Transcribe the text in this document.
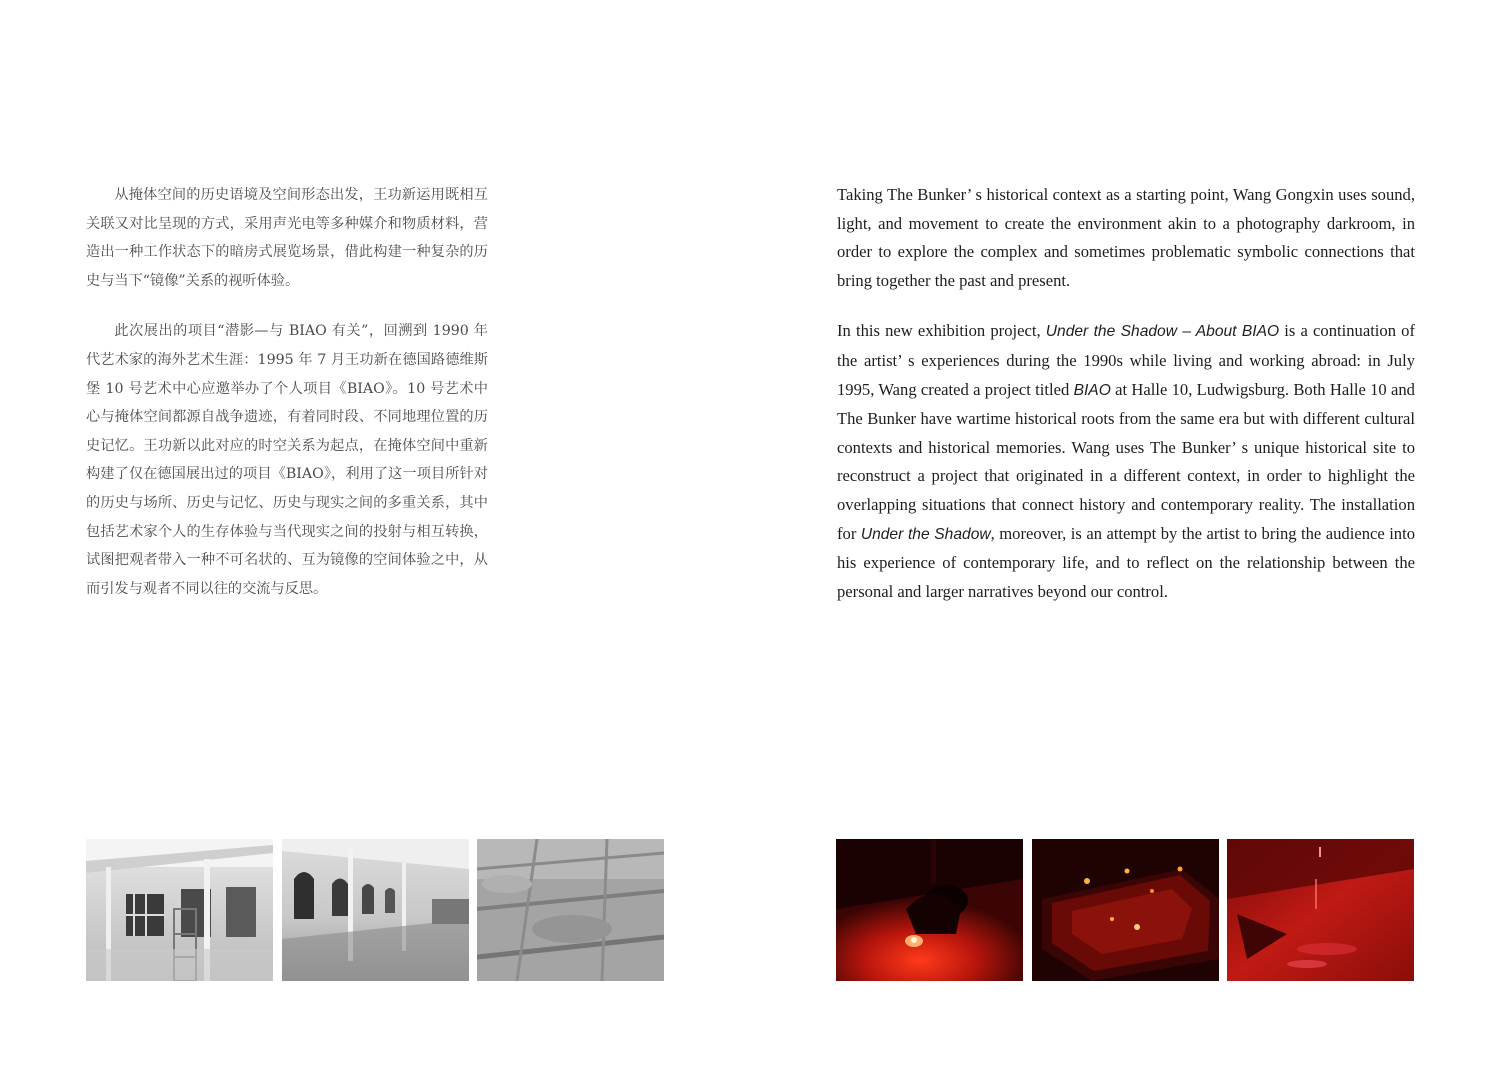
从掩体空间的历史语境及空间形态出发，王功新运用既相互关联又对比呈现的方式，采用声光电等多种媒介和物质材料，营造出一种工作状态下的暗房式展览场景，借此构建一种复杂的历史与当下“镜像”关系的视听体验。

此次展出的项目“潜影—与 BIAO 有关”，回溯到 1990 年代艺术家的海外艺术生涯：1995 年 7 月王功新在德国路德维斯堡 10 号艺术中心应邀举办了个人项目《BIAO》。10 号艺术中心与掩体空间都源自战争遗迹，有着同时段、不同地理位置的历史记忆。王功新以此对应的时空关系为起点，在掩体空间中重新构建了仅在德国展出过的项目《BIAO》，利用了这一项目所针对的历史与场所、历史与记忆、历史与现实之间的多重关系，其中包括艺术家个人的生存体验与当代现实之间的投射与相互转换，试图把观者带入一种不可名状的、互为镜像的空间体验之中，从而引发与观者不同以往的交流与反思。

Taking The Bunker’ s historical context as a starting point, Wang Gongxin uses sound, light, and movement to create the environment akin to a photography darkroom, in order to explore the complex and sometimes problematic symbolic connections that bring together the past and present.

In this new exhibition project, Under the Shadow – About BIAO is a continuation of the artist’ s experiences during the 1990s while living and working abroad: in July 1995, Wang created a project titled BIAO at Halle 10, Ludwigsburg. Both Halle 10 and The Bunker have wartime historical roots from the same era but with different cultural contexts and historical memories. Wang uses The Bunker’ s unique historical site to reconstruct a project that originated in a different context, in order to highlight the overlapping situations that connect history and contemporary reality. The installation for Under the Shadow, moreover, is an attempt by the artist to bring the audience into his experience of contemporary life, and to reflect on the relationship between the personal and larger narratives beyond our control.
